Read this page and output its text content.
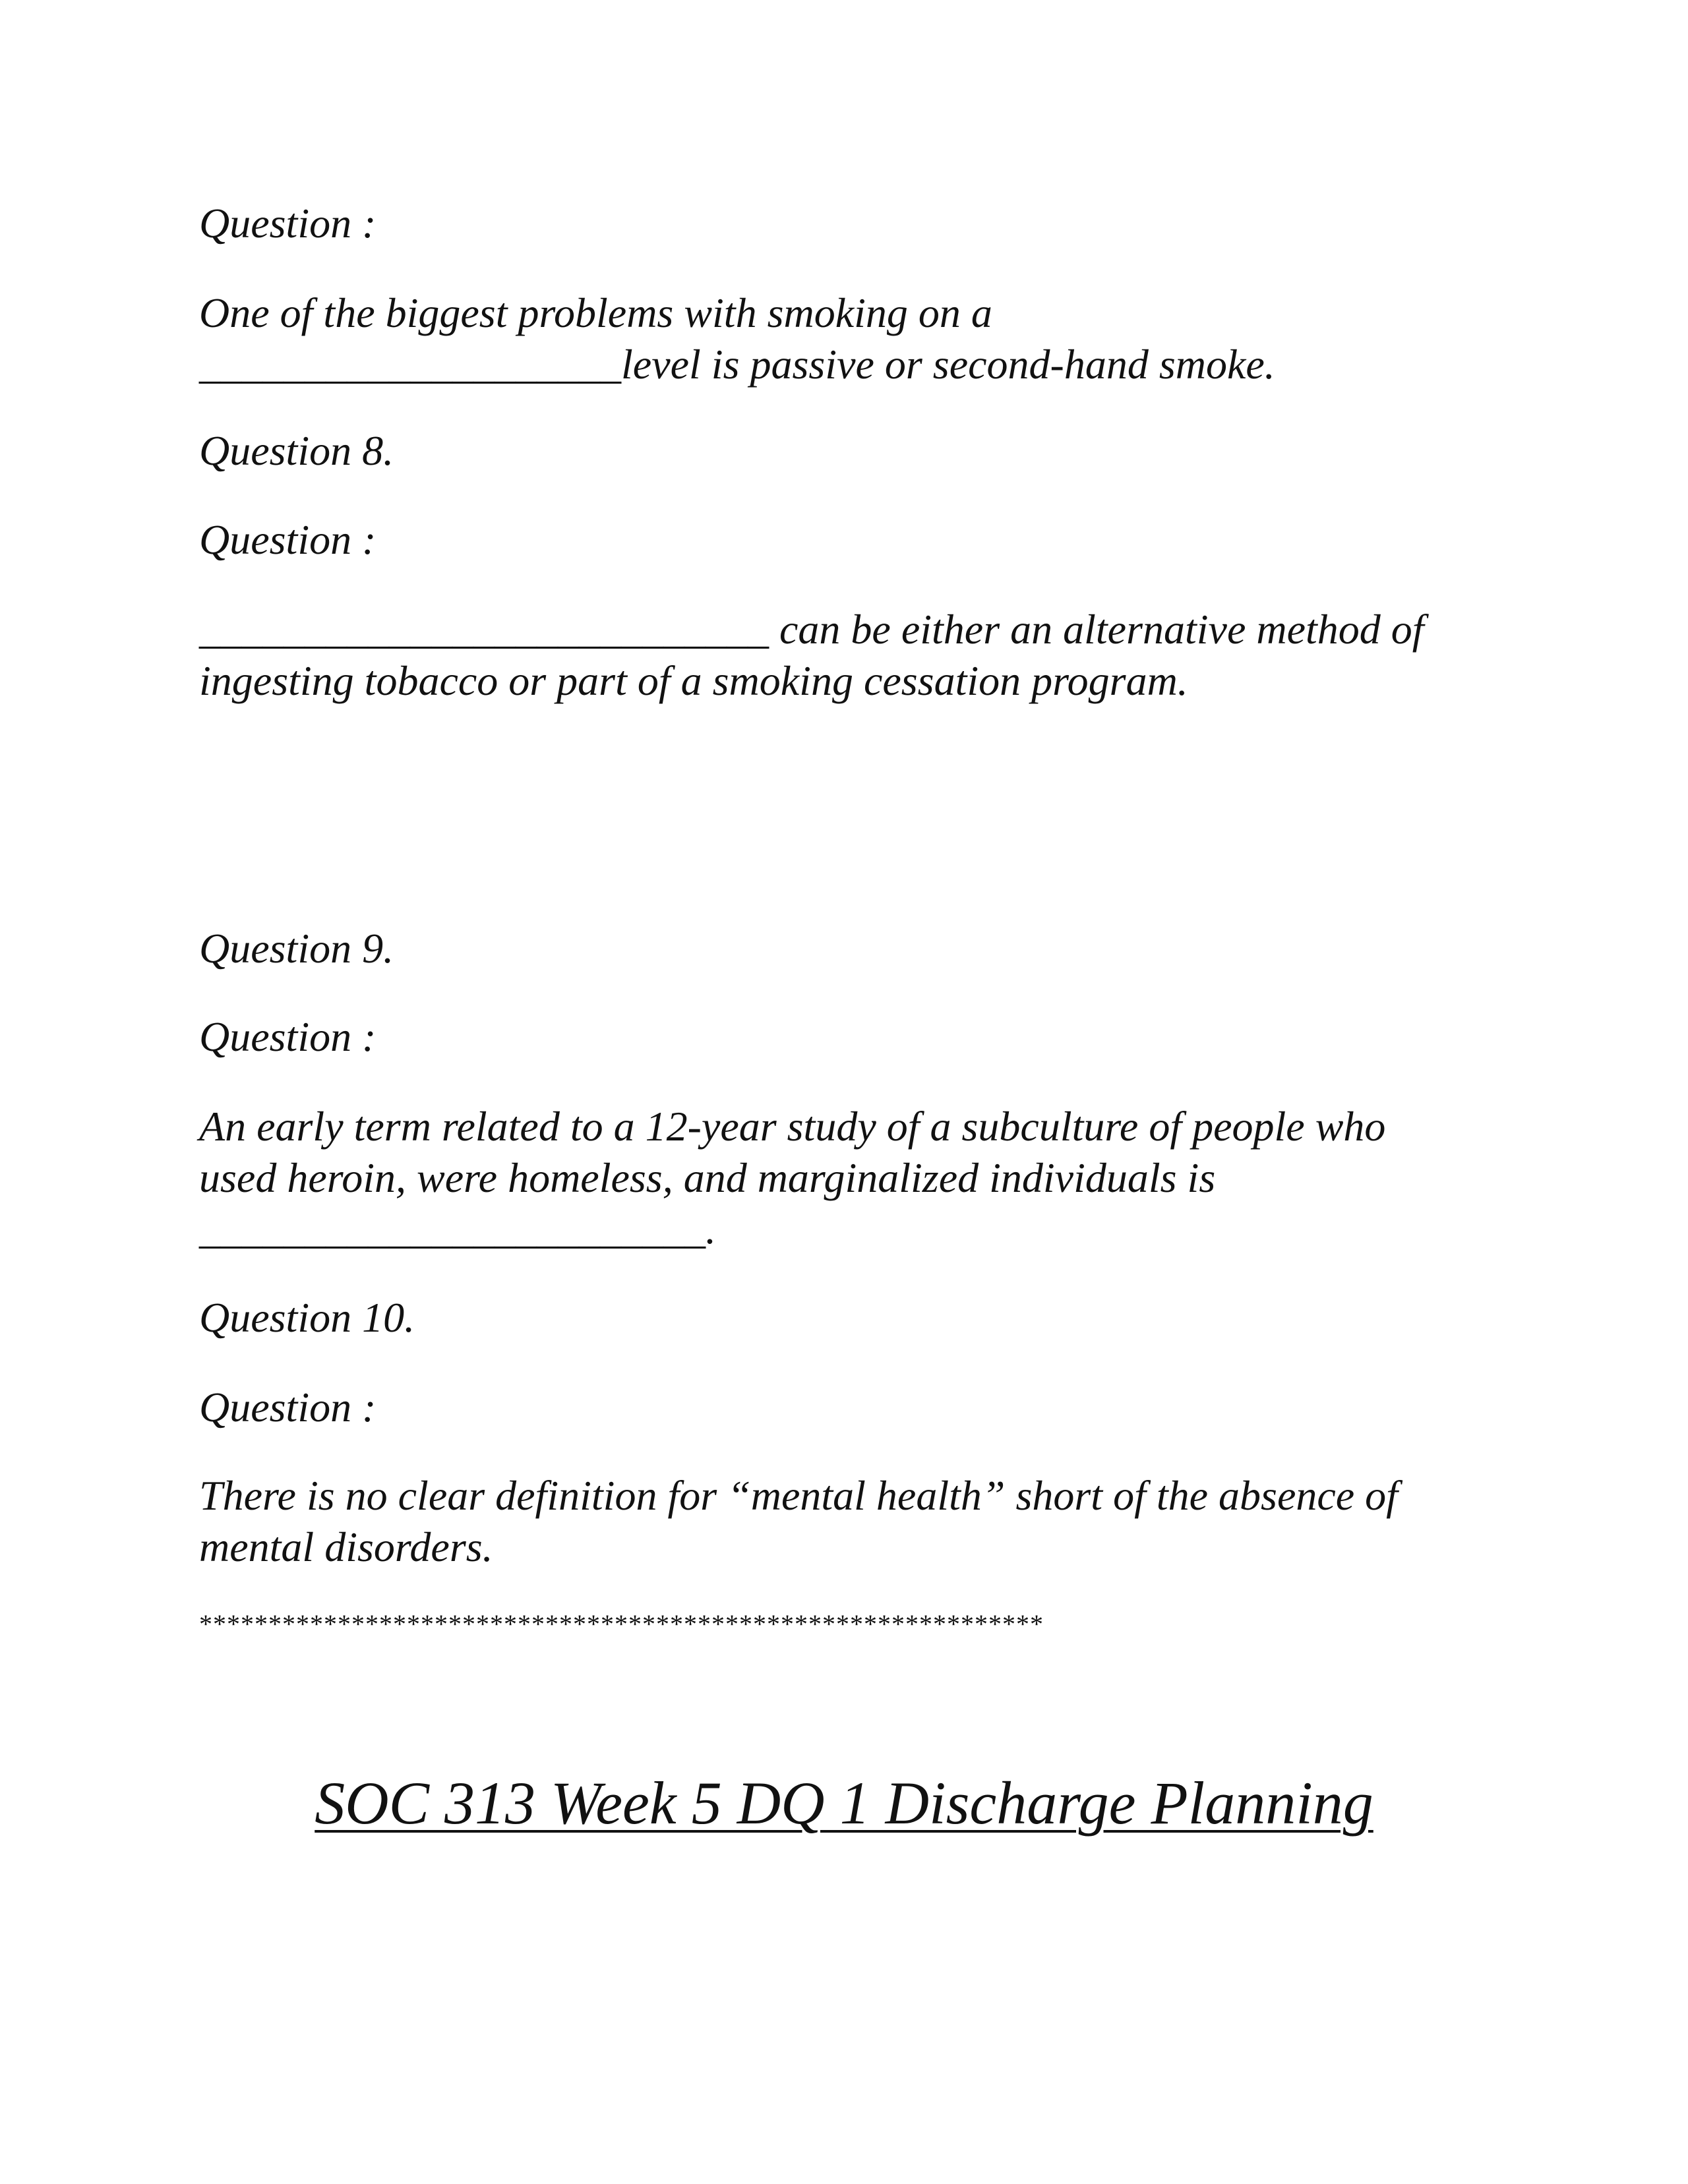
Question :
One of the biggest problems with smoking on a
____________________level is passive or second-hand smoke.
Question 8.
Question :
___________________________ can be either an alternative method of
ingesting tobacco or part of a smoking cessation program.
Question 9.
Question :
An early term related to a 12-year study of a subculture of people who
used heroin, were homeless, and marginalized individuals is
________________________.
Question 10.
Question :
There is no clear definition for “mental health” short of the absence of
mental disorders.
*************************************************************
SOC 313 Week 5 DQ 1 Discharge Planning
